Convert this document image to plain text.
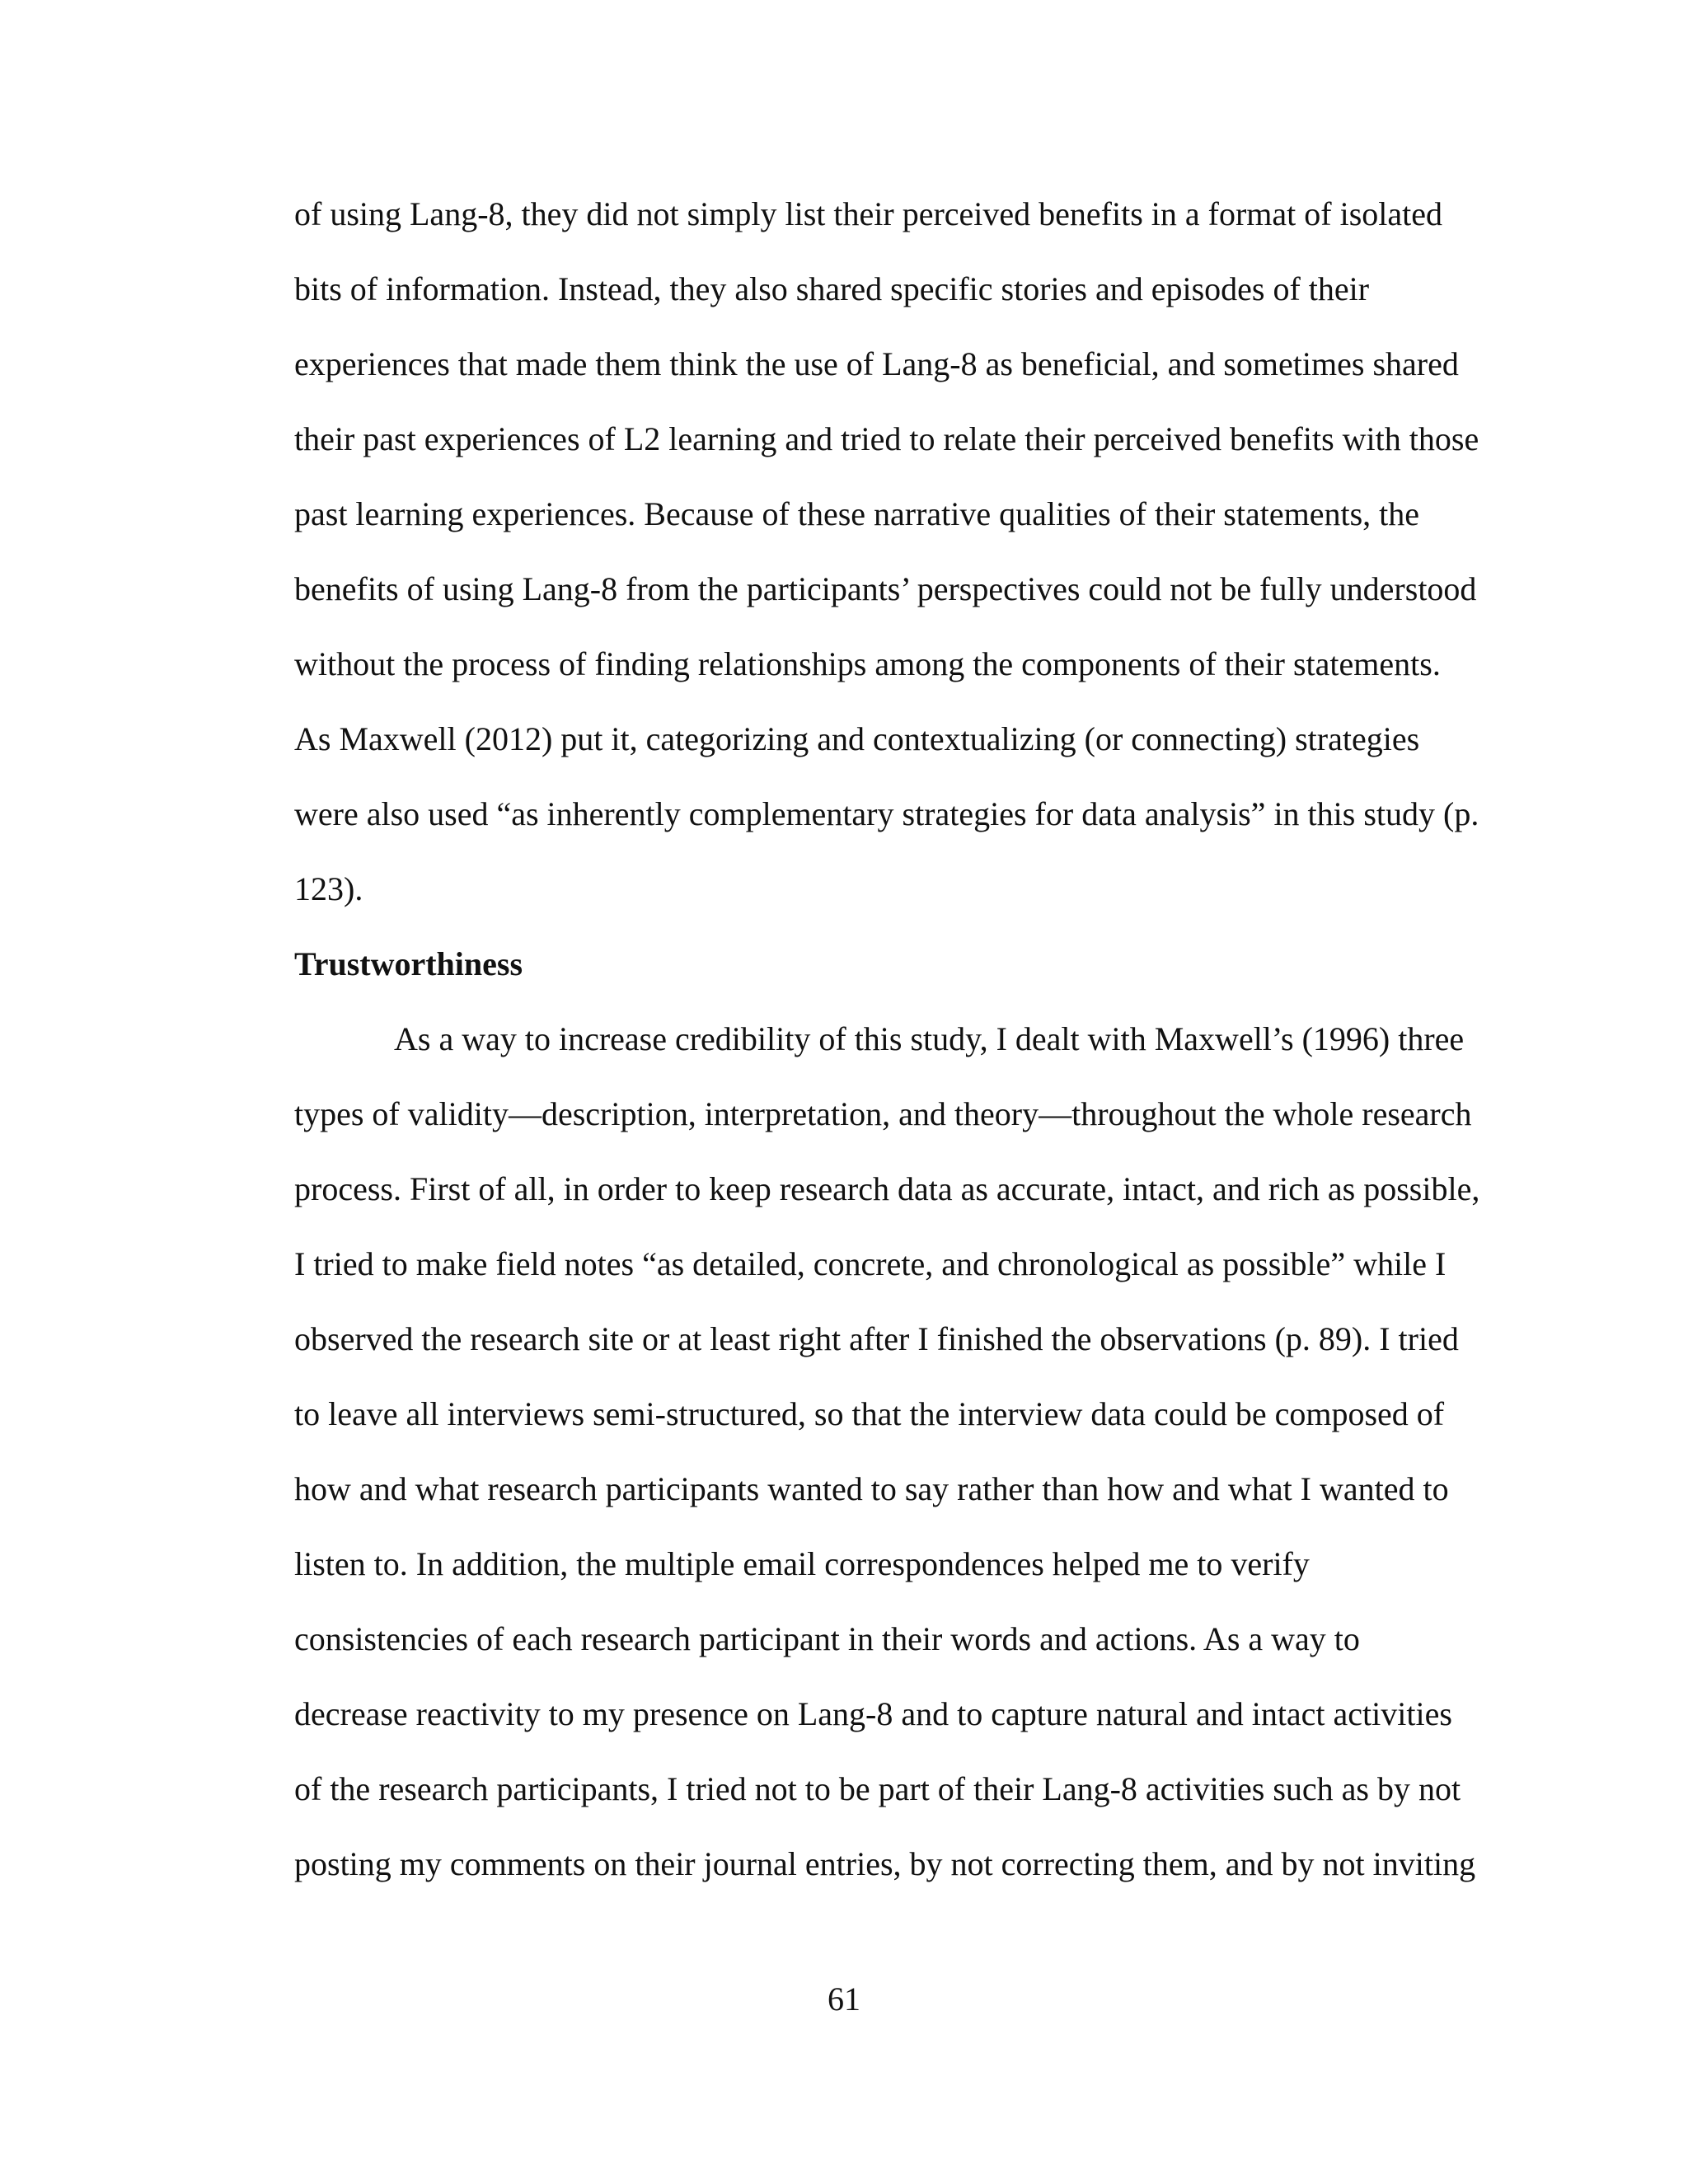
of using Lang-8, they did not simply list their perceived benefits in a format of isolated
bits of information. Instead, they also shared specific stories and episodes of their
experiences that made them think the use of Lang-8 as beneficial, and sometimes shared
their past experiences of L2 learning and tried to relate their perceived benefits with those
past learning experiences. Because of these narrative qualities of their statements, the
benefits of using Lang-8 from the participants’ perspectives could not be fully understood
without the process of finding relationships among the components of their statements.
As Maxwell (2012) put it, categorizing and contextualizing (or connecting) strategies
were also used “as inherently complementary strategies for data analysis” in this study (p.
123).
Trustworthiness
As a way to increase credibility of this study, I dealt with Maxwell’s (1996) three
types of validity—description, interpretation, and theory—throughout the whole research
process. First of all, in order to keep research data as accurate, intact, and rich as possible,
I tried to make field notes “as detailed, concrete, and chronological as possible” while I
observed the research site or at least right after I finished the observations (p. 89). I tried
to leave all interviews semi-structured, so that the interview data could be composed of
how and what research participants wanted to say rather than how and what I wanted to
listen to. In addition, the multiple email correspondences helped me to verify
consistencies of each research participant in their words and actions. As a way to
decrease reactivity to my presence on Lang-8 and to capture natural and intact activities
of the research participants, I tried not to be part of their Lang-8 activities such as by not
posting my comments on their journal entries, by not correcting them, and by not inviting
61
